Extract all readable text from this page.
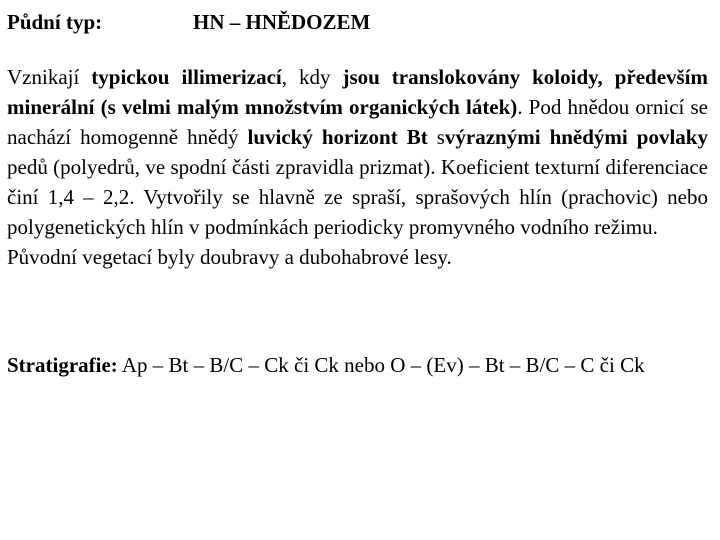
Půdní typ:	HN – HNĚDOZEM

Vznikají typickou illimerizací, kdy jsou translokovány koloidy, především minerální (s velmi malým množstvím organických látek). Pod hnědou ornicí se nachází homogenně hnědý luvický horizont Bt svýraznými hnědými povlaky pedů (polyedrů, ve spodní části zpravidla prizmat). Koeficient texturní diferenciace činí 1,4 – 2,2. Vytvořily se hlavně ze spraší, sprašových hlín (prachovic) nebo polygenetických hlín v podmínkách periodicky promyvného vodního režimu.

Původní vegetací byly doubravy a dubohabrové lesy.

Stratigrafie: Ap – Bt – B/C – Ck či Ck nebo O – (Ev) – Bt – B/C – C či Ck
